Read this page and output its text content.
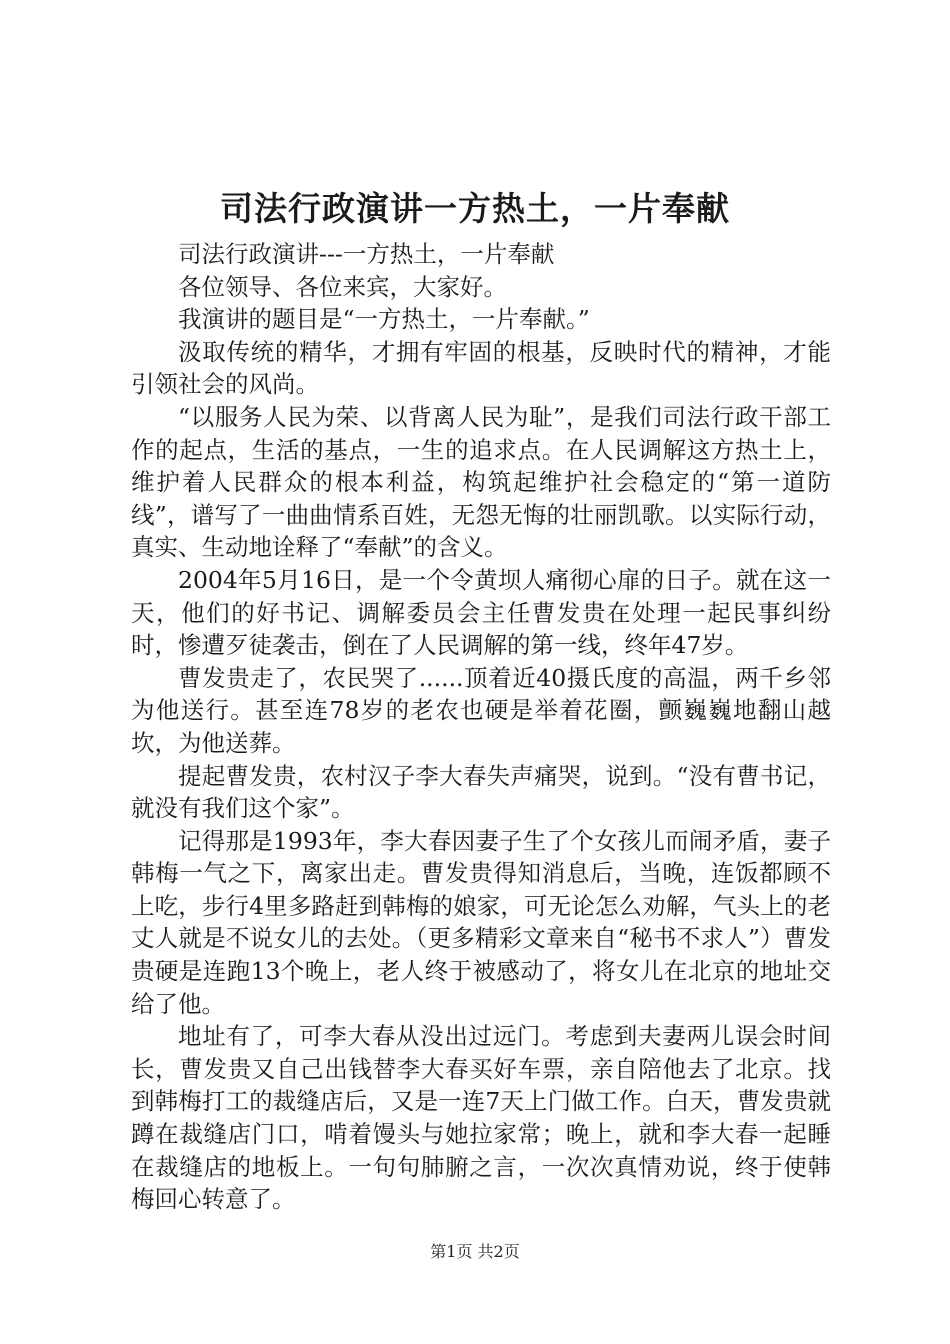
司法行政演讲一方热土，一片奉献

司法行政演讲---一方热土，一片奉献

各位领导、各位来宾，大家好。

我演讲的题目是“一方热土，一片奉献。”

汲取传统的精华，才拥有牢固的根基，反映时代的精神，才能引领社会的风尚。

“以服务人民为荣、以背离人民为耻”，是我们司法行政干部工作的起点，生活的基点，一生的追求点。在人民调解这方热土上，维护着人民群众的根本利益，构筑起维护社会稳定的“第一道防线”，谱写了一曲曲情系百姓，无怨无悔的壮丽凯歌。以实际行动，真实、生动地诠释了“奉献”的含义。

2004年5月16日，是一个令黄坝人痛彻心扉的日子。就在这一天，他们的好书记、调解委员会主任曹发贵在处理一起民事纠纷时，惨遭歹徒袭击，倒在了人民调解的第一线，终年47岁。

曹发贵走了，农民哭了......顶着近40摄氏度的高温，两千乡邻为他送行。甚至连78岁的老农也硬是举着花圈，颤巍巍地翻山越坎，为他送葬。

提起曹发贵，农村汉子李大春失声痛哭，说到。“没有曹书记，就没有我们这个家”。

记得那是1993年，李大春因妻子生了个女孩儿而闹矛盾，妻子韩梅一气之下，离家出走。曹发贵得知消息后，当晚，连饭都顾不上吃，步行4里多路赶到韩梅的娘家，可无论怎么劝解，气头上的老丈人就是不说女儿的去处。（更多精彩文章来自“秘书不求人”）曹发贵硬是连跑13个晚上，老人终于被感动了，将女儿在北京的地址交给了他。

地址有了，可李大春从没出过远门。考虑到夫妻两儿误会时间长，曹发贵又自己出钱替李大春买好车票，亲自陪他去了北京。找到韩梅打工的裁缝店后，又是一连7天上门做工作。白天，曹发贵就蹲在裁缝店门口，啃着馒头与她拉家常；晚上，就和李大春一起睡在裁缝店的地板上。一句句肺腑之言，一次次真情劝说，终于使韩梅回心转意了。

第1页 共2页
